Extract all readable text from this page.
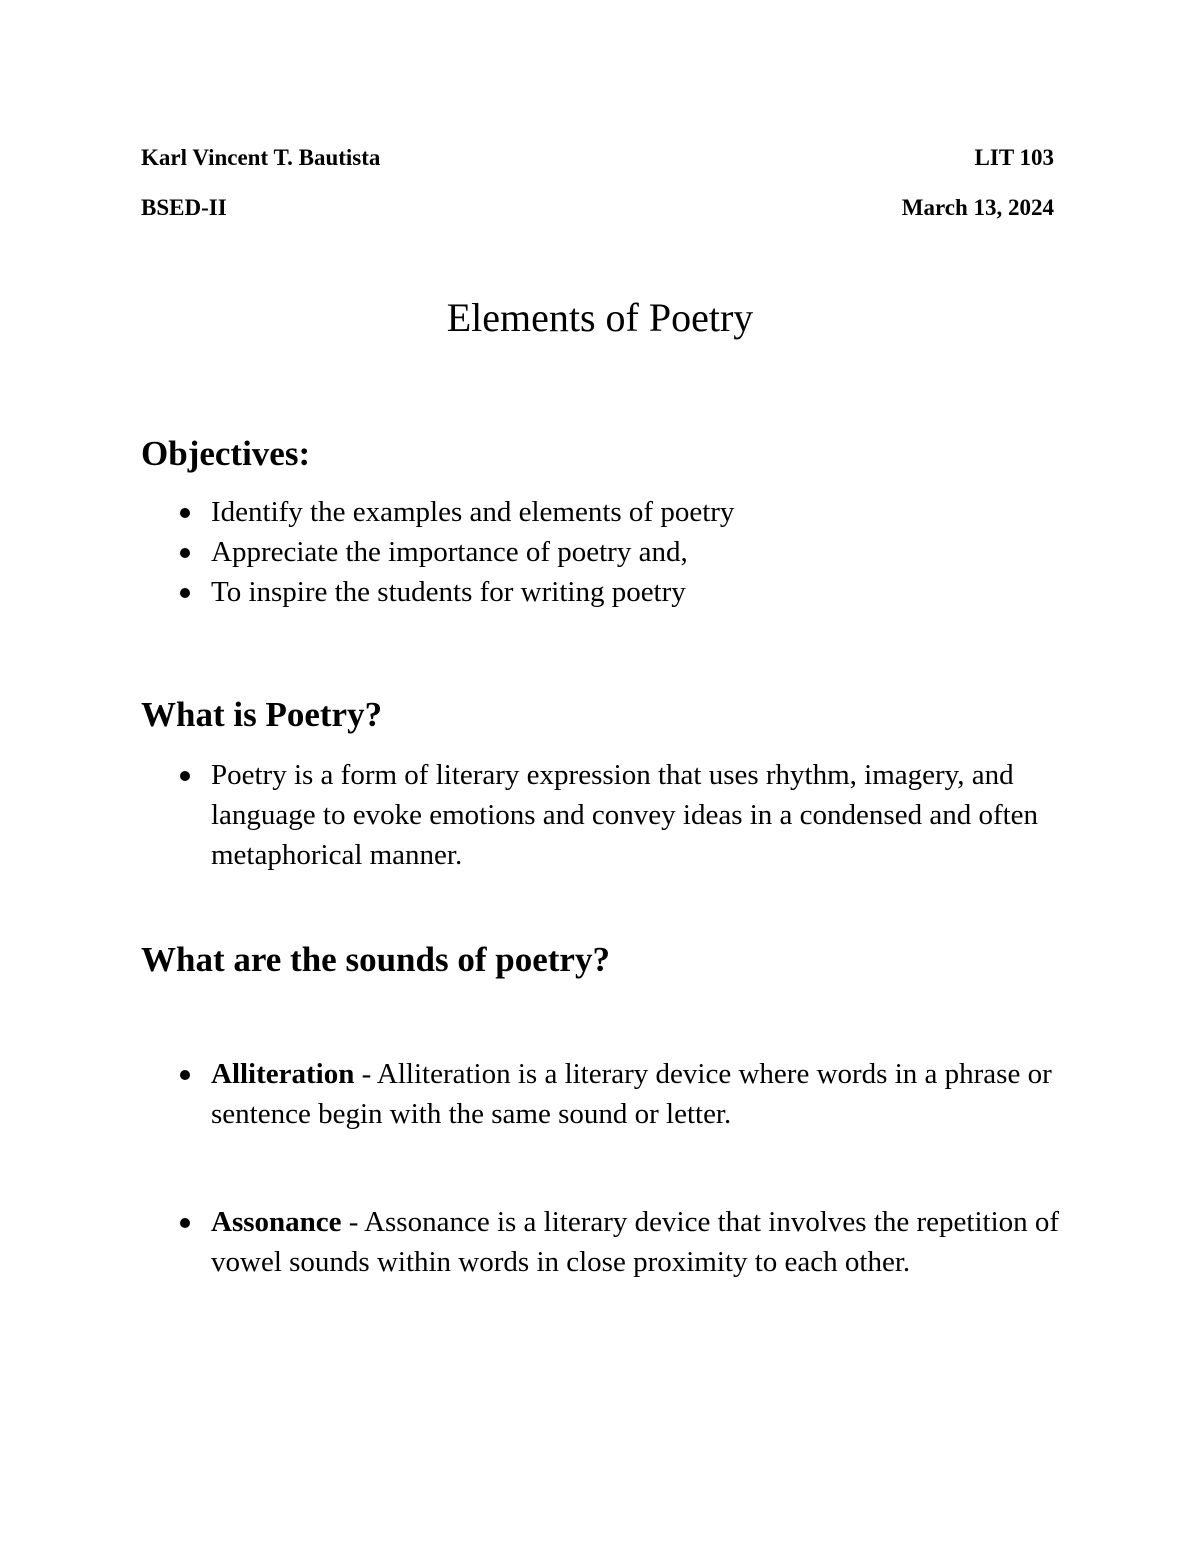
Karl Vincent T. Bautista	LIT 103
BSED-II	March 13, 2024
Elements of Poetry
Objectives:
Identify the examples and elements of poetry
Appreciate the importance of poetry and,
To inspire the students for writing poetry
What is Poetry?
Poetry is a form of literary expression that uses rhythm, imagery, and language to evoke emotions and convey ideas in a condensed and often metaphorical manner.
What are the sounds of poetry?
Alliteration - Alliteration is a literary device where words in a phrase or sentence begin with the same sound or letter.
Assonance - Assonance is a literary device that involves the repetition of vowel sounds within words in close proximity to each other.
